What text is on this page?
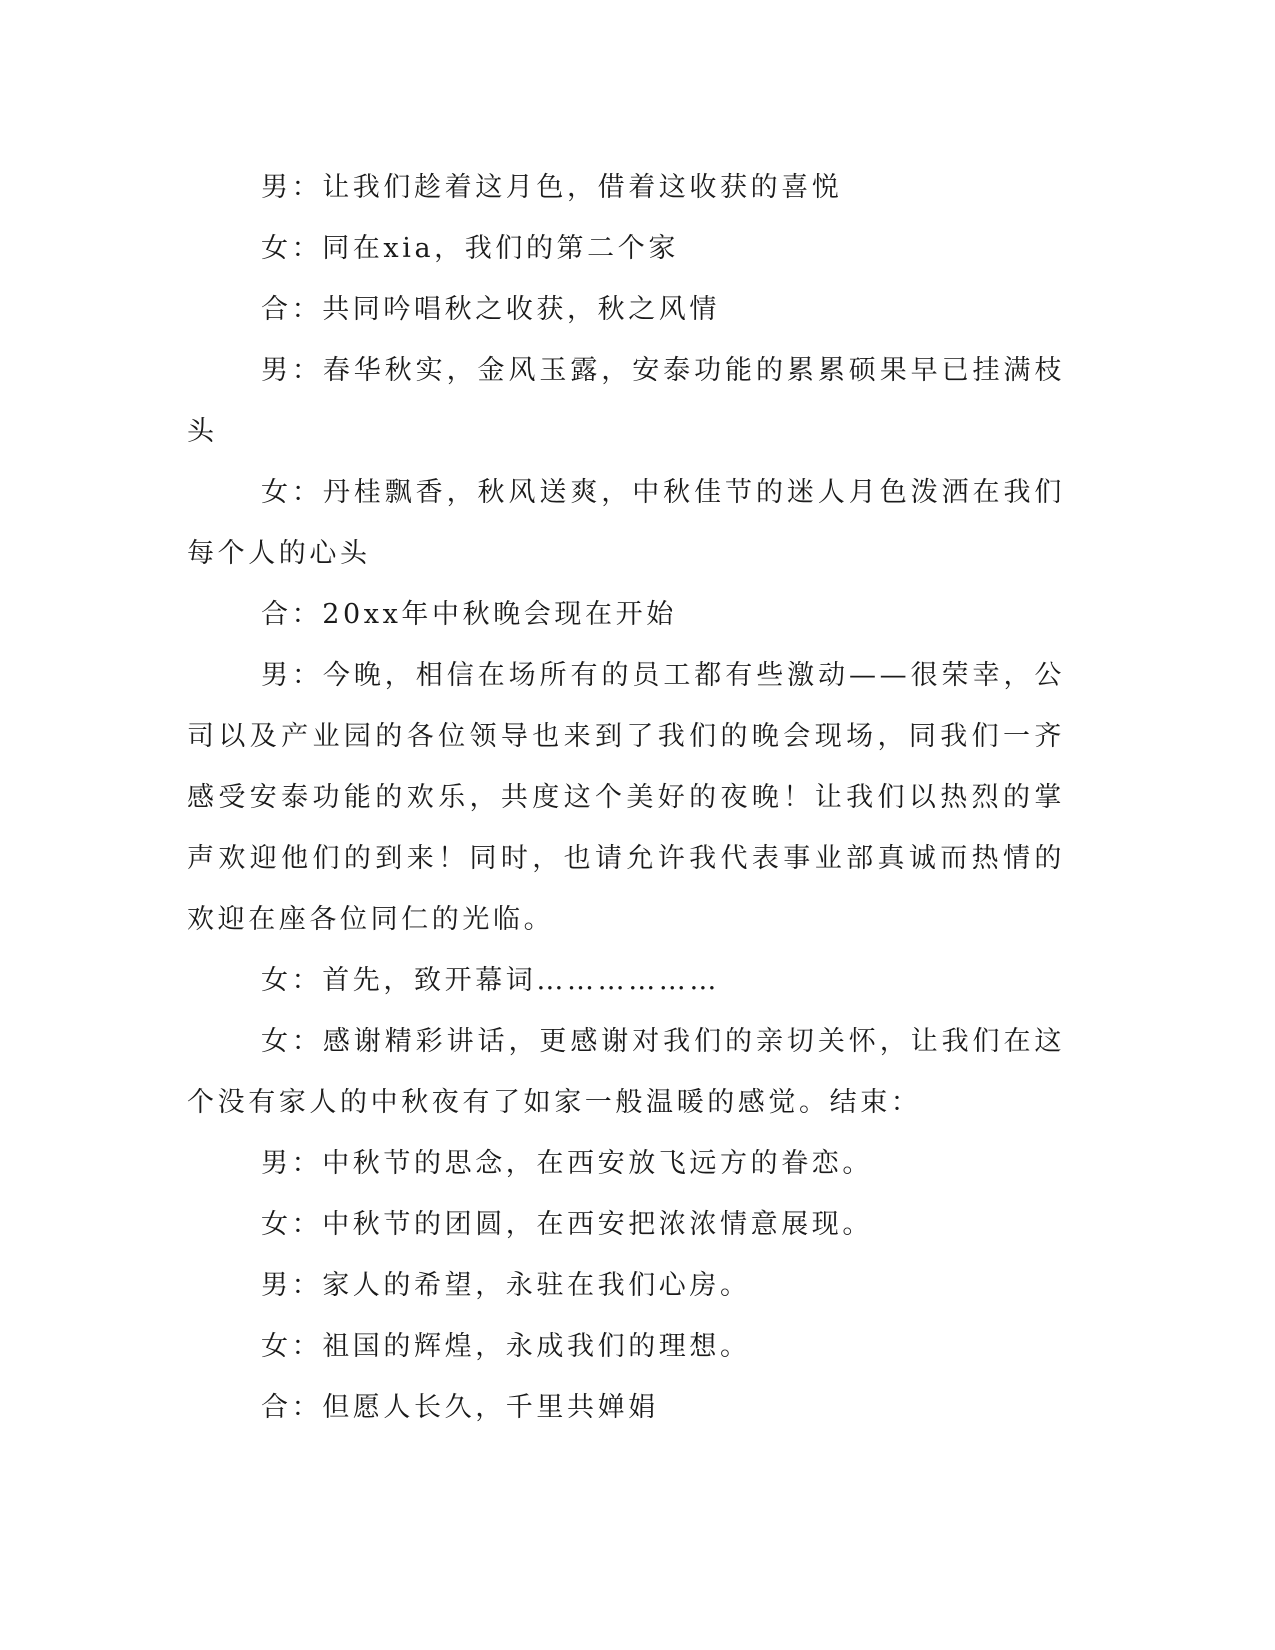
男：让我们趁着这月色，借着这收获的喜悦

女：同在xia，我们的第二个家

合：共同吟唱秋之收获，秋之风情

男：春华秋实，金风玉露，安泰功能的累累硕果早已挂满枝头

女：丹桂飘香，秋风送爽，中秋佳节的迷人月色泼洒在我们每个人的心头

合：20xx年中秋晚会现在开始

男：今晚，相信在场所有的员工都有些激动——很荣幸，公司以及产业园的各位领导也来到了我们的晚会现场，同我们一齐感受安泰功能的欢乐，共度这个美好的夜晚！让我们以热烈的掌声欢迎他们的到来！同时，也请允许我代表事业部真诚而热情的欢迎在座各位同仁的光临。

女：首先，致开幕词………………

女：感谢精彩讲话，更感谢对我们的亲切关怀，让我们在这个没有家人的中秋夜有了如家一般温暖的感觉。结束：

男：中秋节的思念，在西安放飞远方的眷恋。

女：中秋节的团圆，在西安把浓浓情意展现。

男：家人的希望，永驻在我们心房。

女：祖国的辉煌，永成我们的理想。

合：但愿人长久，千里共婵娟
